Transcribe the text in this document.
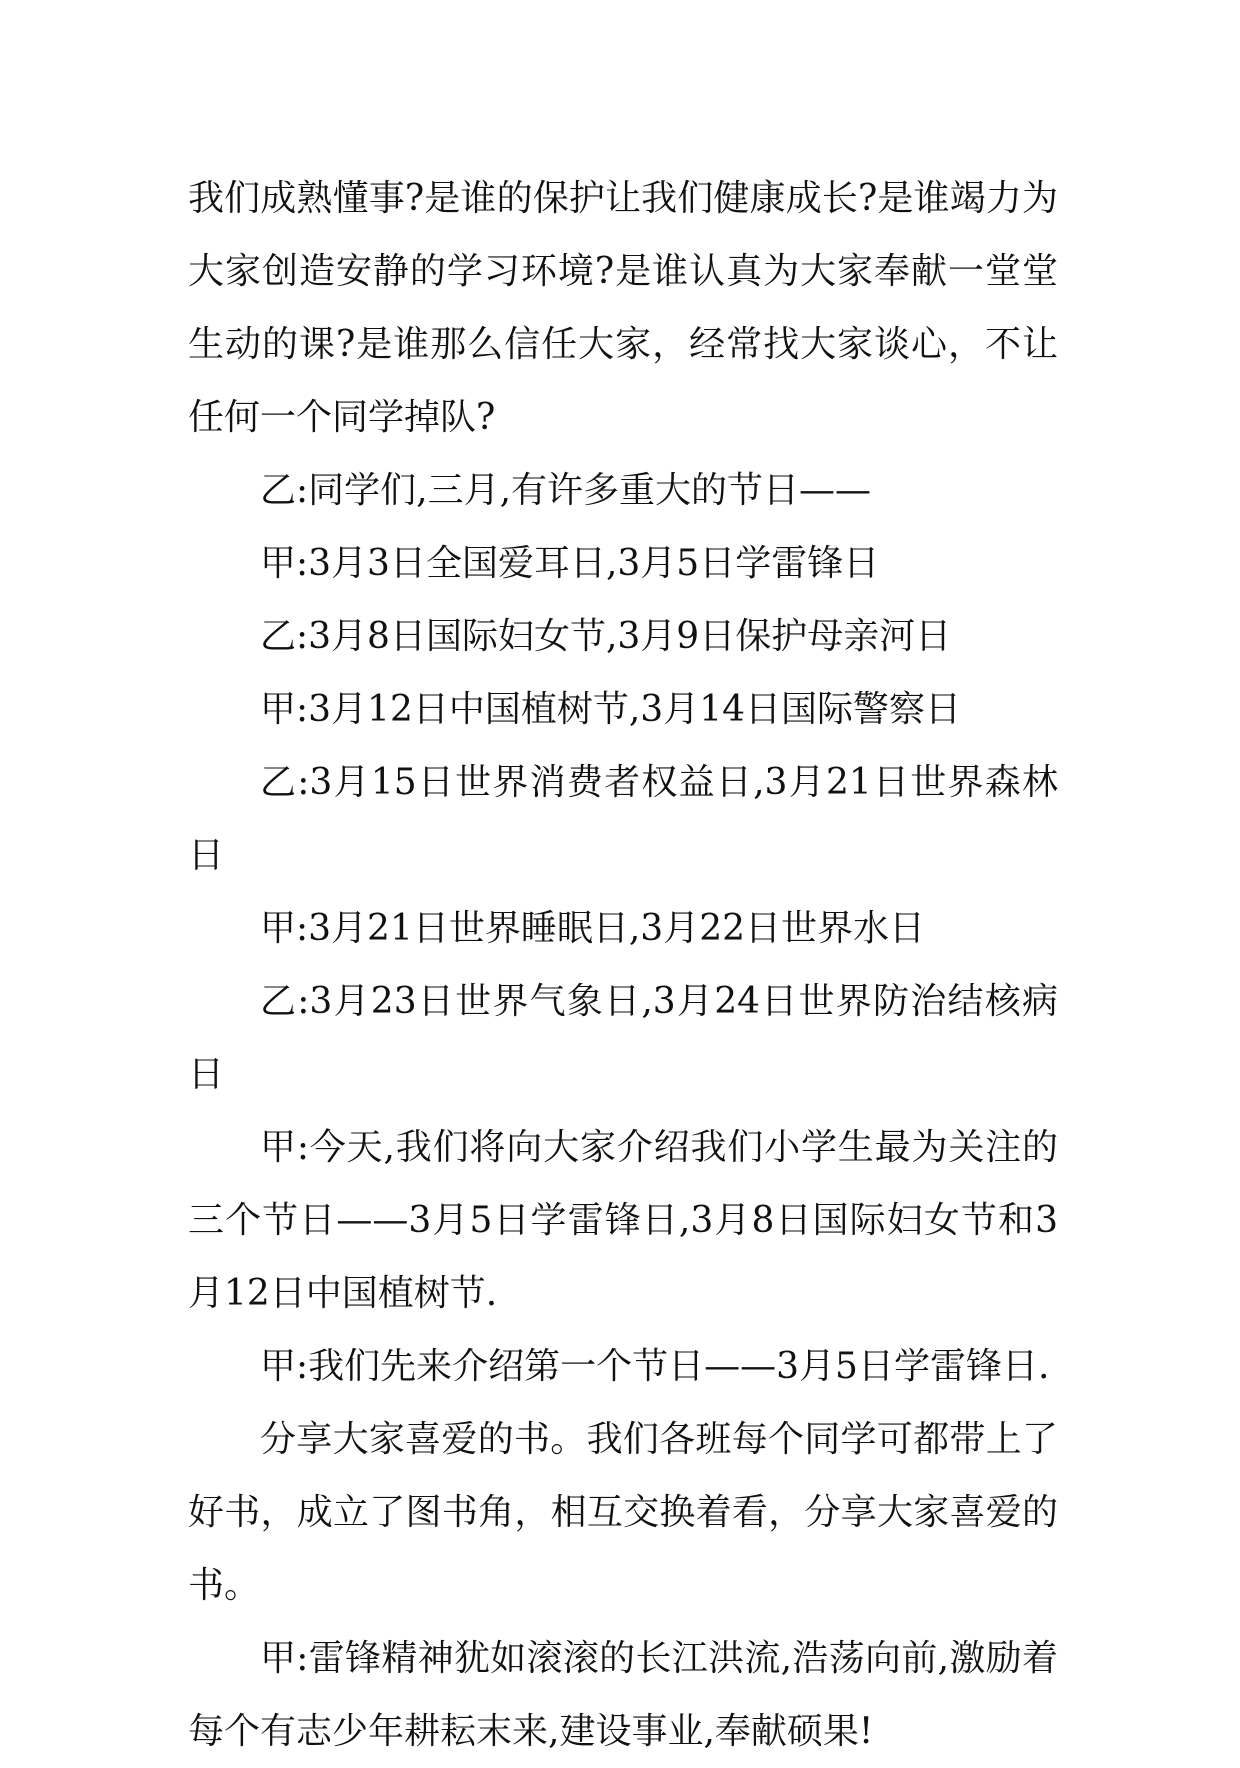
我们成熟懂事?是谁的保护让我们健康成长?是谁竭力为大家创造安静的学习环境?是谁认真为大家奉献一堂堂生动的课?是谁那么信任大家，经常找大家谈心，不让任何一个同学掉队?

乙:同学们,三月,有许多重大的节日——

甲:3月3日全国爱耳日,3月5日学雷锋日

乙:3月8日国际妇女节,3月9日保护母亲河日

甲:3月12日中国植树节,3月14日国际警察日

乙:3月15日世界消费者权益日,3月21日世界森林日

甲:3月21日世界睡眠日,3月22日世界水日

乙:3月23日世界气象日,3月24日世界防治结核病日

甲:今天,我们将向大家介绍我们小学生最为关注的三个节日——3月5日学雷锋日,3月8日国际妇女节和3月12日中国植树节.

甲:我们先来介绍第一个节日——3月5日学雷锋日.

分享大家喜爱的书。我们各班每个同学可都带上了好书，成立了图书角，相互交换着看，分享大家喜爱的书。

甲:雷锋精神犹如滚滚的长江洪流,浩荡向前,激励着每个有志少年耕耘末来,建设事业,奉献硕果!
